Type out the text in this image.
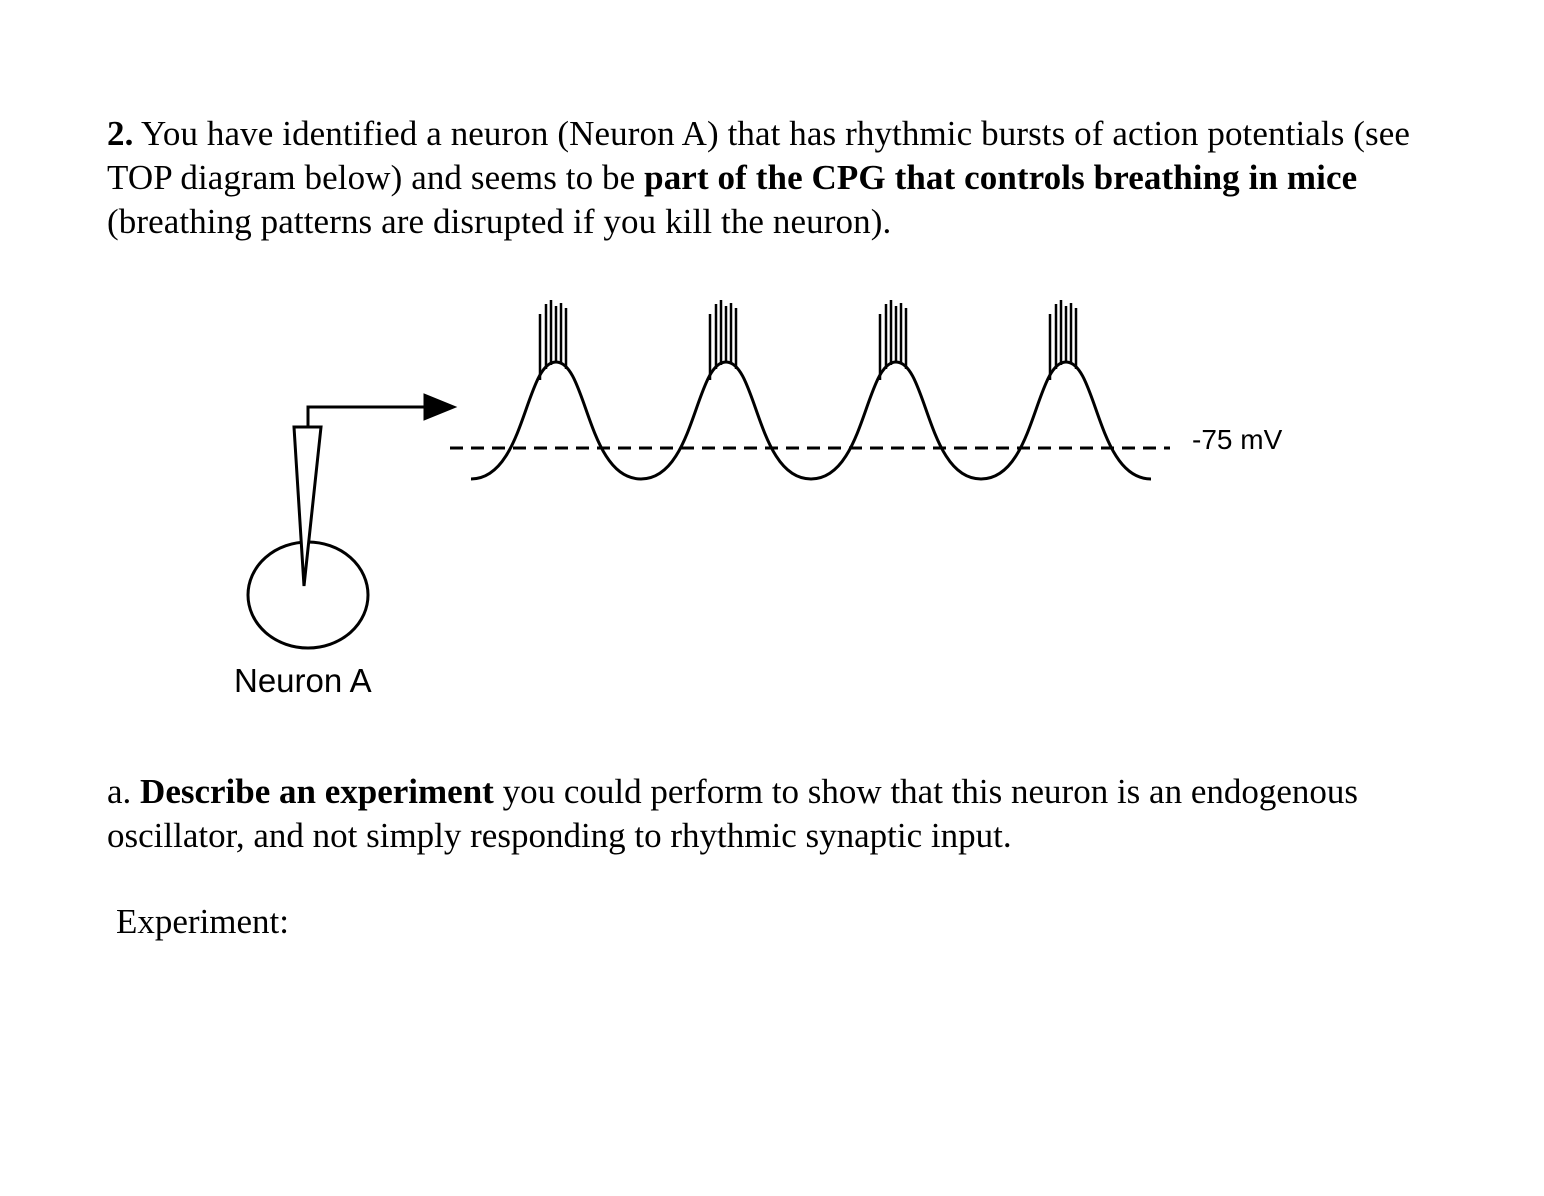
2. You have identified a neuron (Neuron A) that has rhythmic bursts of action potentials (see TOP diagram below) and seems to be part of the CPG that controls breathing in mice (breathing patterns are disrupted if you kill the neuron).
-75 mV
Neuron A
a. Describe an experiment you could perform to show that this neuron is an endogenous oscillator, and not simply responding to rhythmic synaptic input.
Experiment:
